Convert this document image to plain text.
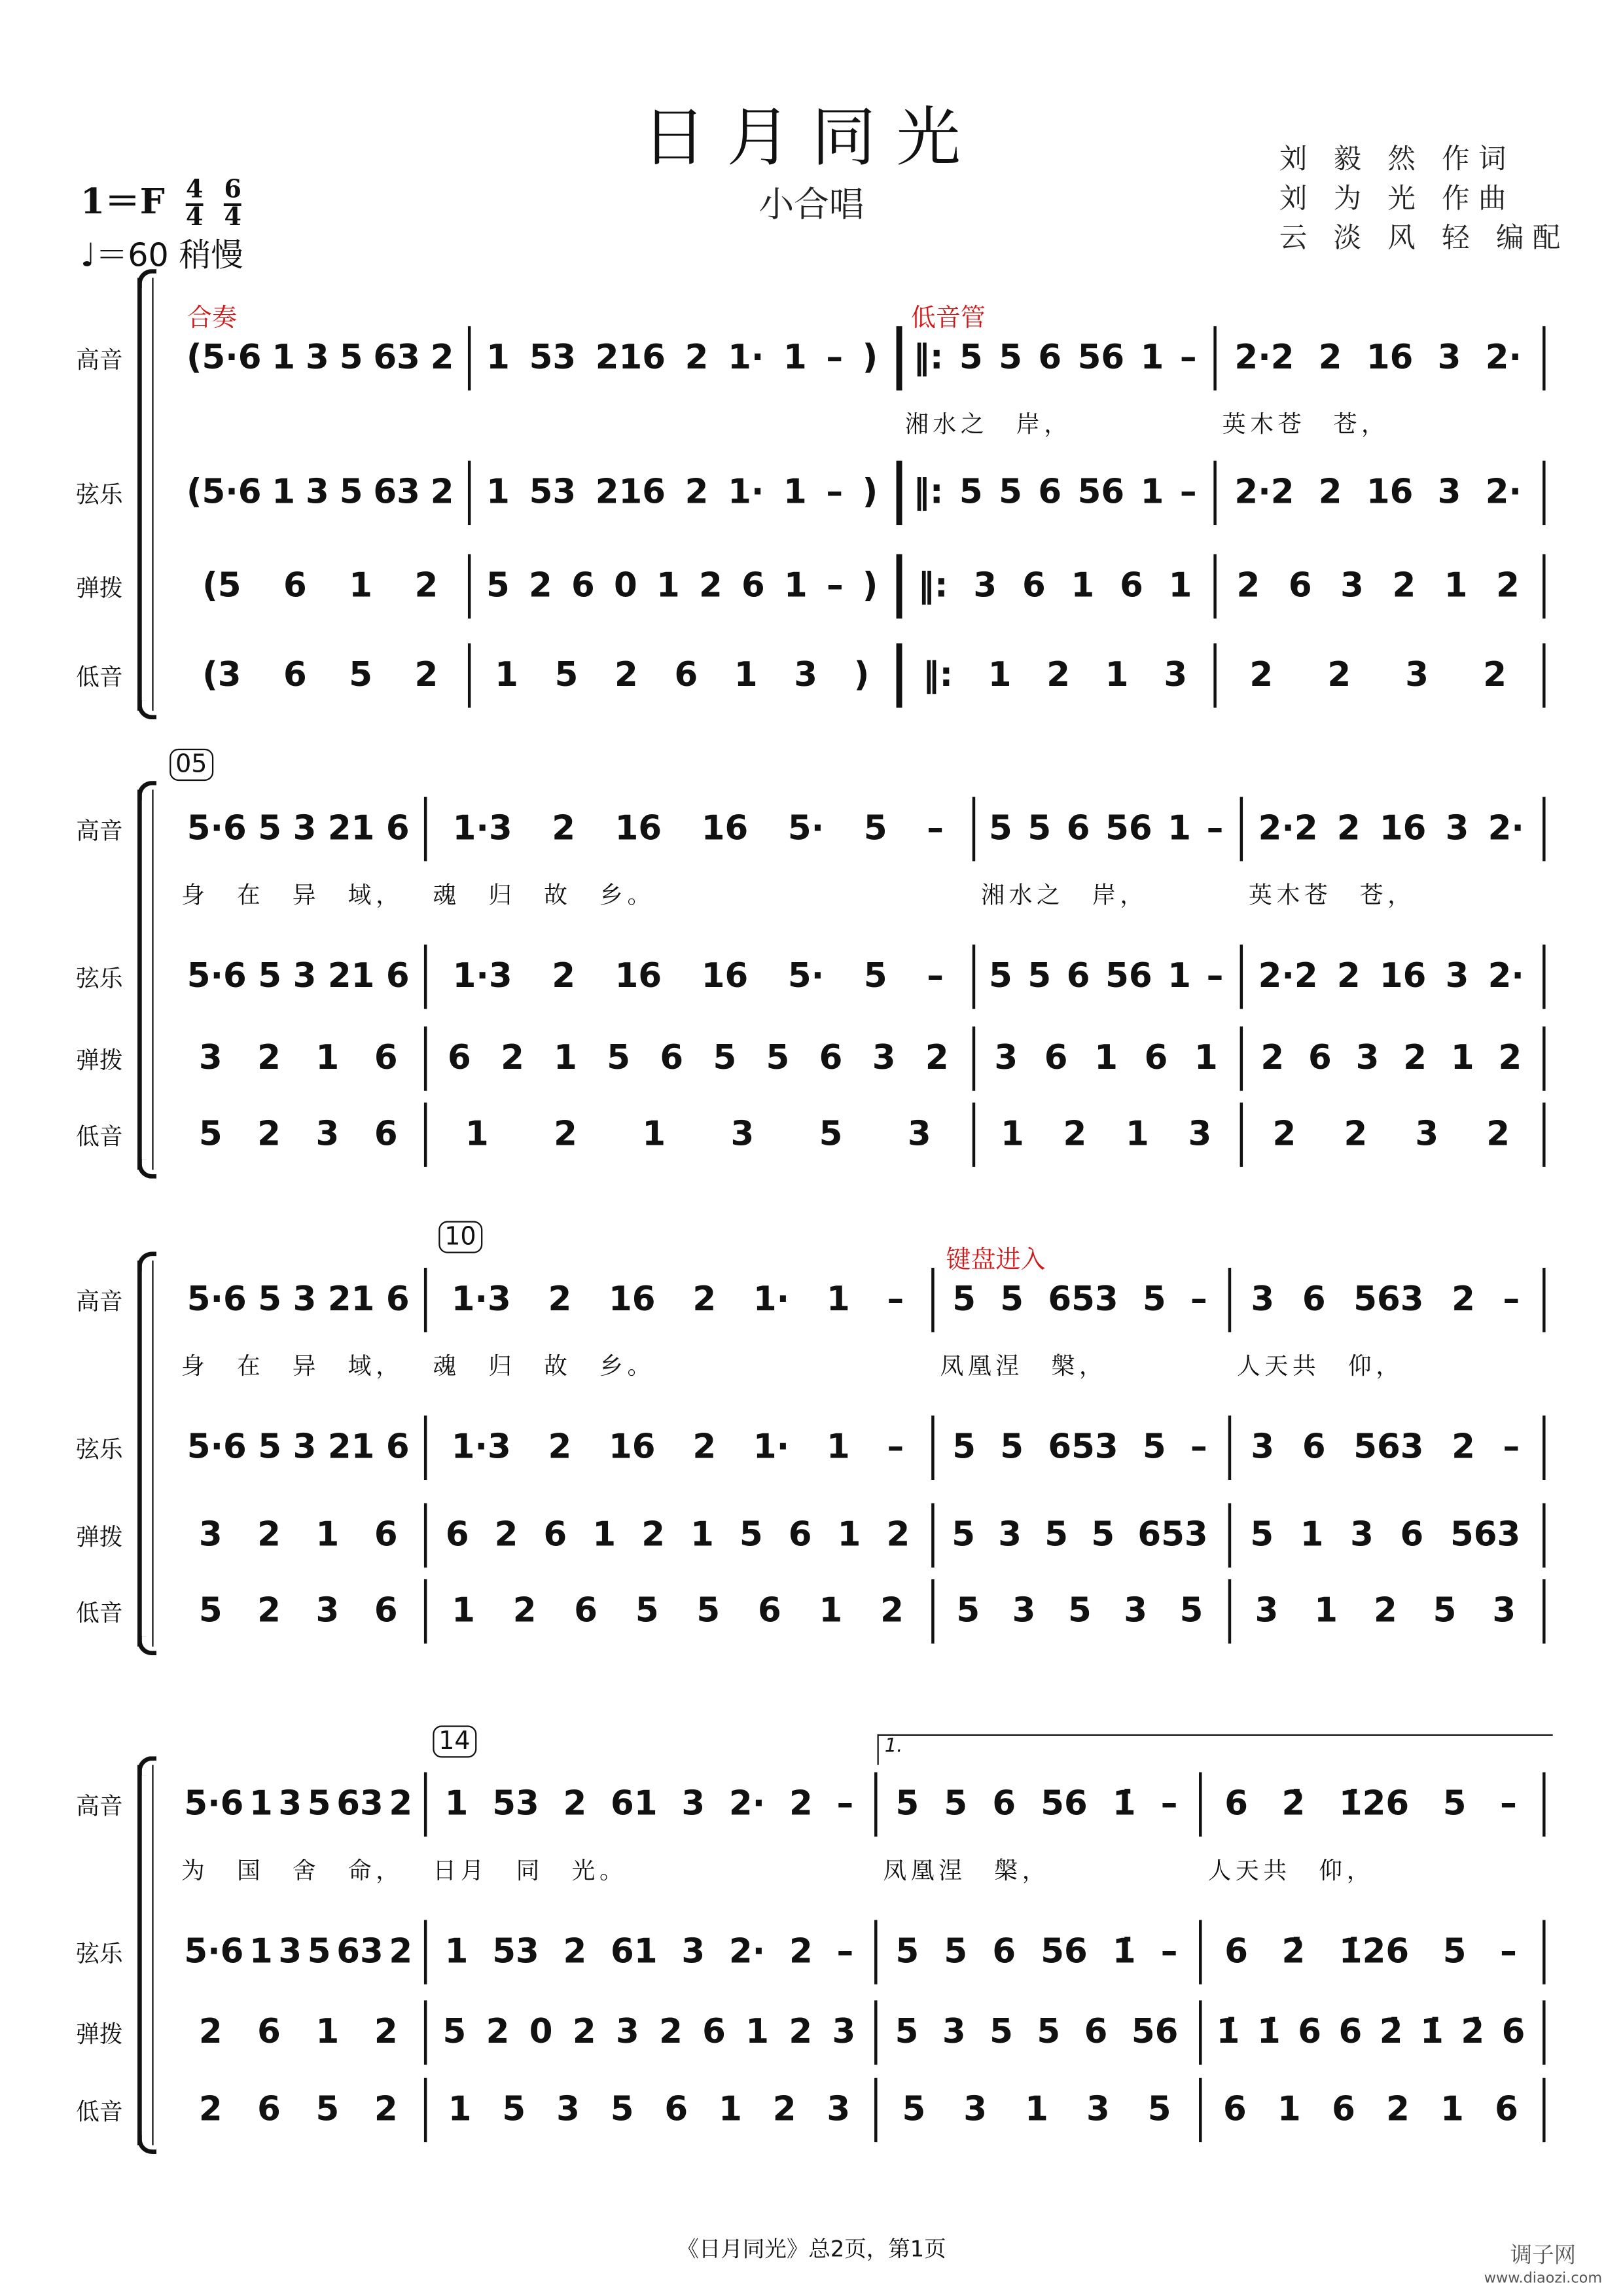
日月同光
小合唱
$1=F \frac{4}{4}$
$\frac{6}{4}$
♩＝60 稍慢
刘 毅 然 作词
刘 为 光 作曲
云 淡 风 轻 编配
合奏	低音管
高音	(5·6 1 3 5 63 2 1 53 216 2 1· 1 – ) ‖: 5 5 6 56 1 –	2·2 2 16 3 2·
湘水之　岸，	英木苍　苍，
弦乐	(5·6 1 3 5 63 2 1 53 216 2 1· 1 – ) ‖: 5 5 6 56 1 –	2·2 2 16 3 2·
弹拨	(5	6	1	2	5 2 6 0 1 2 6 1 – )	‖: 3 6 1 6 1	2 6 3 2 1 2
低音	(3	6	5	2	1 5 2 6 1 3 )	‖: 1 2 1 3	2	2	3	2
05
高音	5·6 5 3 21 6	1·3	2	16	16	5·	5	–	5 5 6 56 1 – 2·2 2 16 3 2·
身　在　异　域，	魂　归　故　乡。	湘水之　岸，	英木苍　苍，
弦乐	5·6 5 3 21 6	1·3	2	16	16	5·	5	–	5 5 6 56 1 – 2·2 2 16 3 2·
弹拨	3 2 1 6	6 2 1 5 6 5 5 6 3 2	3 6 1 6 1	2 6 3 2 1 2
低音	5 2 3 6	1	2	1	3	5	3	1	2	1	3	2	2	3	2
10
键盘进入
高音	5·6 5 3 21 6	1·3 2 16 2 1· 1 –	5 5 653 5 –	3 6 563 2 –
身　在　异　域，	魂　归　故　乡。	凤凰涅　槃，	人天共　仰，
弦乐	5·6 5 3 21 6	1·3 2 16 2 1· 1 –	5 5 653 5 –	3 6 563 2 –
弹拨	3 2 1 6	6 2 6 1 2 1 5 6 1 2	5 3 5 5 653	5 1 3 6 563
低音	5 2 3 6	1	2	6	5	5	6	1	2	5 3 5 3 5	3 1 2 5 3
14	1.
高音	5·6 1 3 5 63 2 1 53 2 61 3 2· 2 –	5 5 6 56 1̇ –	6 2̇ 1̇26 5 –
为　国　舍　命，	日月　同　光。	凤凰涅　槃，	人天共　仰，
弦乐	5·6 1 3 5 63 2 1 53 2 61 3 2· 2 –	5 5 6 56 1̇ –	6 2̇ 1̇26 5 –
弹拨	2 6 1 2	5 2 0 2 3 2 6 1 2 3	5 3 5 5 6 56	1̇ 1̇ 6 6 2̇ 1̇ 2̇ 6
低音	2 6 5 2	1 5 3 5 6 1 2 3	5	3	1	3	5	6 1 6 2 1 6
《日月同光》总2页，第1页	调子网
www.diaozi.com
